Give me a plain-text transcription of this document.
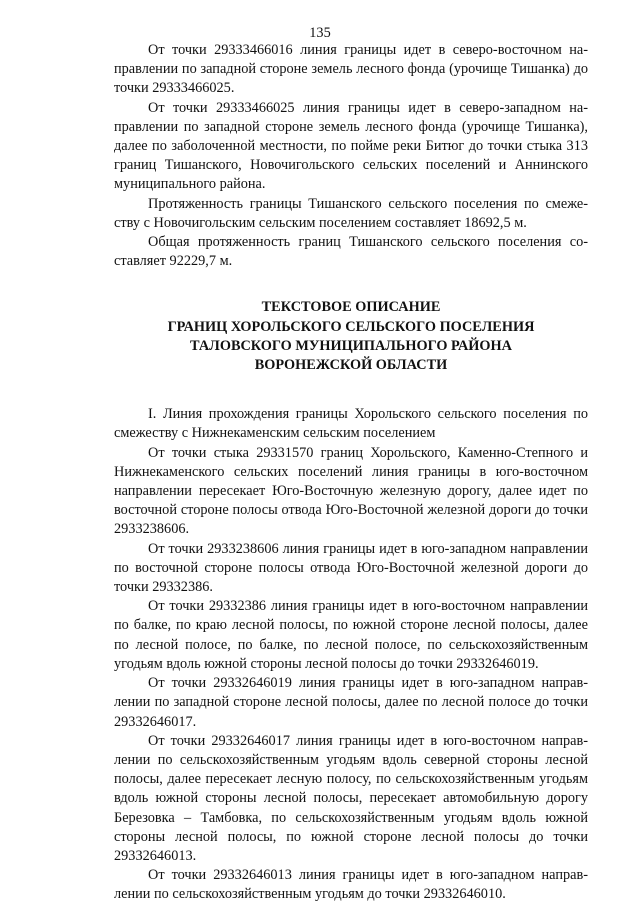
135

От точки 29333466016 линия границы идет в северо-восточном направлении по западной стороне земель лесного фонда (урочище Тишанка) до точки 29333466025.

От точки 29333466025 линия границы идет в северо-западном направлении по западной стороне земель лесного фонда (урочище Тишанка), далее по заболоченной местности, по пойме реки Битюг до точки стыка 313 границ Тишанского, Новочигольского сельских поселений и Аннинского муниципального района.

Протяженность границы Тишанского сельского поселения по смежеству с Новочигольским сельским поселением составляет 18692,5 м.

Общая протяженность границ Тишанского сельского поселения составляет 92229,7 м.

ТЕКСТОВОЕ ОПИСАНИЕ
ГРАНИЦ ХОРОЛЬСКОГО СЕЛЬСКОГО ПОСЕЛЕНИЯ
ТАЛОВСКОГО МУНИЦИПАЛЬНОГО РАЙОНА
ВОРОНЕЖСКОЙ ОБЛАСТИ

I. Линия прохождения границы Хорольского сельского поселения по смежеству с Нижнекаменским сельским поселением

От точки стыка 29331570 границ Хорольского, Каменно-Степного и Нижнекаменского сельских поселений линия границы в юго-восточном направлении пересекает Юго-Восточную железную дорогу, далее идет по восточной стороне полосы отвода Юго-Восточной железной дороги до точки 2933238606.

От точки 2933238606 линия границы идет в юго-западном направлении по восточной стороне полосы отвода Юго-Восточной железной дороги до точки 29332386.

От точки 29332386 линия границы идет в юго-восточном направлении по балке, по краю лесной полосы, по южной стороне лесной полосы, далее по лесной полосе, по балке, по лесной полосе, по сельскохозяйственным угодьям вдоль южной стороны лесной полосы до точки 29332646019.

От точки 29332646019 линия границы идет в юго-западном направлении по западной стороне лесной полосы, далее по лесной полосе до точки 29332646017.

От точки 29332646017 линия границы идет в юго-восточном направлении по сельскохозяйственным угодьям вдоль северной стороны лесной полосы, далее пересекает лесную полосу, по сельскохозяйственным угодьям вдоль южной стороны лесной полосы, пересекает автомобильную дорогу Березовка – Тамбовка, по сельскохозяйственным угодьям вдоль южной стороны лесной полосы, по южной стороне лесной полосы до точки 29332646013.

От точки 29332646013 линия границы идет в юго-западном направлении по сельскохозяйственным угодьям до точки 29332646010.
